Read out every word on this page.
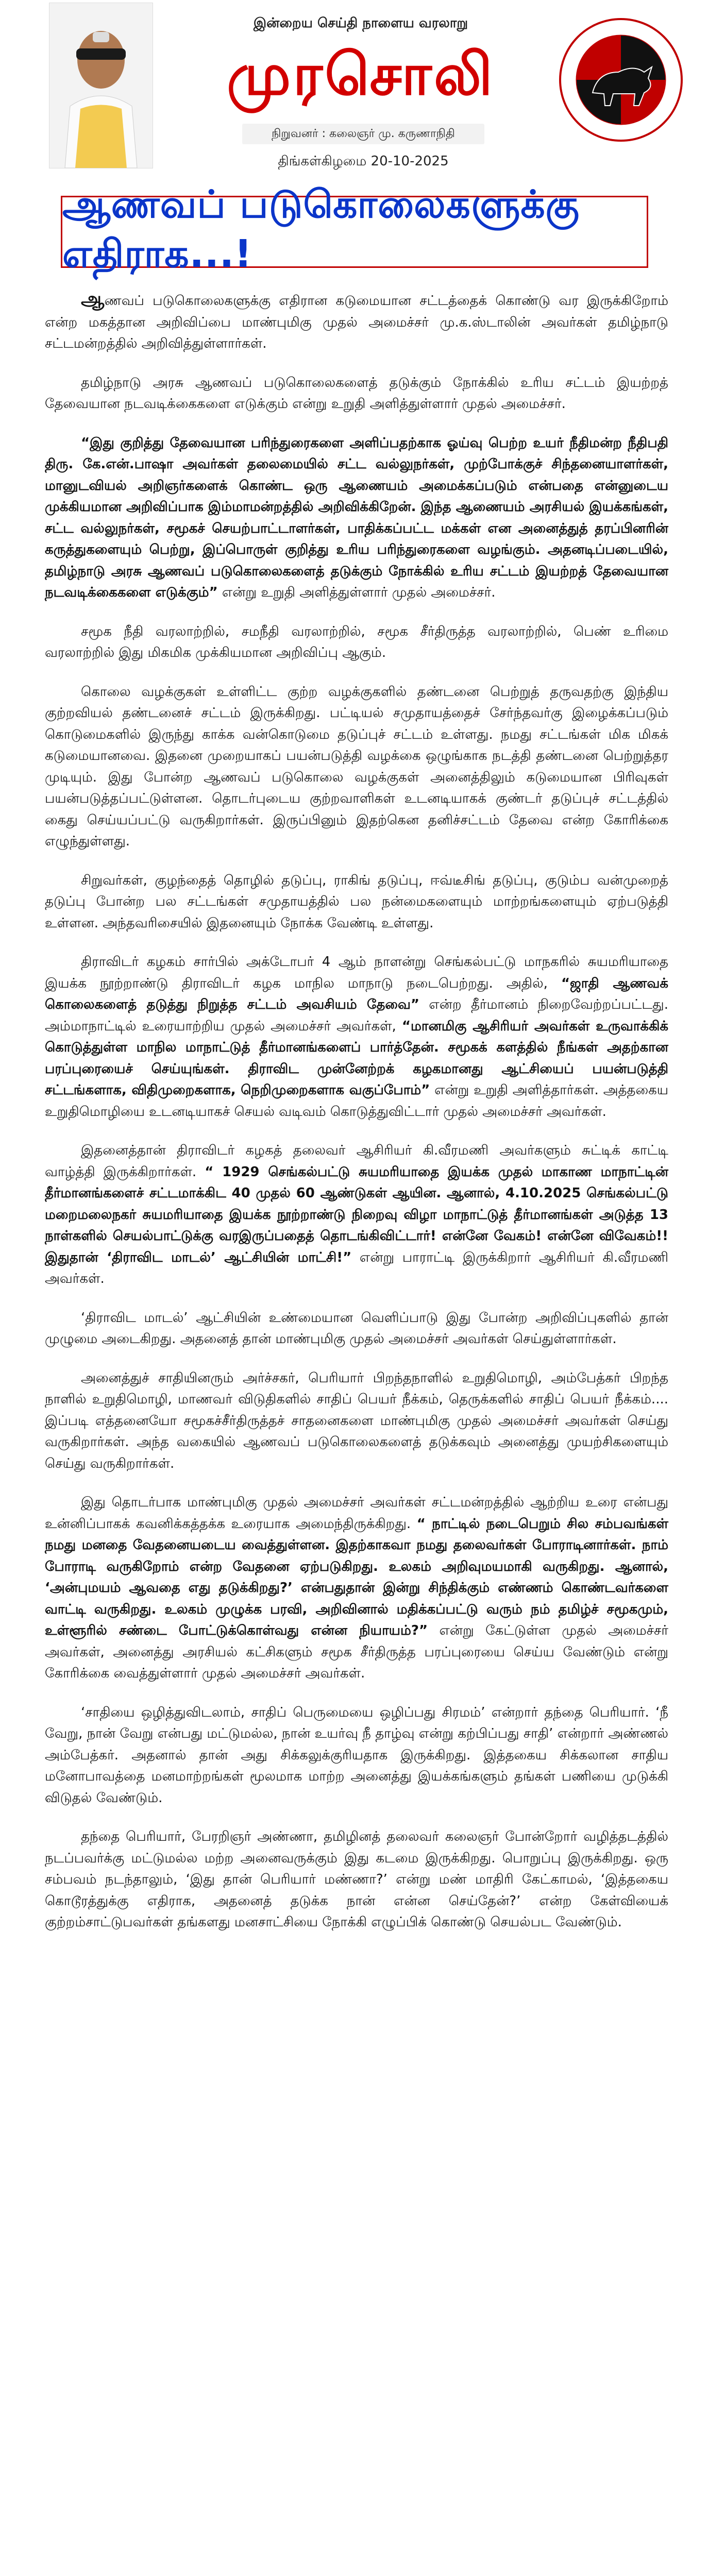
இன்றைய செய்தி நாளைய வரலாறு
முரசொலி
நிறுவனர் : கலைஞர் மு. கருணாநிதி
திங்கள்கிழமை 20-10-2025
ஆணவப் படுகொலைகளுக்கு எதிராக...!

ஆணவப் படுகொலைகளுக்கு எதிரான கடுமையான சட்டத்தைக் கொண்டு வர இருக்கிறோம் என்ற மகத்தான அறிவிப்பை மாண்புமிகு முதல் அமைச்சர் மு.க.ஸ்டாலின் அவர்கள் தமிழ்நாடு சட்டமன்றத்தில் அறிவித்துள்ளார்கள்.

தமிழ்நாடு அரசு ஆணவப் படுகொலைகளைத் தடுக்கும் நோக்கில் உரிய சட்டம் இயற்றத் தேவையான நடவடிக்கைகளை எடுக்கும் என்று உறுதி அளித்துள்ளார் முதல் அமைச்சர்.

“இது குறித்து தேவையான பரிந்துரைகளை அளிப்பதற்காக ஓய்வு பெற்ற உயர் நீதிமன்ற நீதிபதி திரு. கே.என்.பாஷா அவர்கள் தலைமையில் சட்ட வல்லுநர்கள், முற்போக்குச் சிந்தனையாளர்கள், மானுடவியல் அறிஞர்களைக் கொண்ட ஒரு ஆணையம் அமைக்கப்படும் என்பதை என்னுடைய முக்கியமான அறிவிப்பாக இம்மாமன்றத்தில் அறிவிக்கிறேன். இந்த ஆணையம் அரசியல் இயக்கங்கள், சட்ட வல்லுநர்கள், சமூகச் செயற்பாட்டாளர்கள், பாதிக்கப்பட்ட மக்கள் என அனைத்துத் தரப்பினரின் கருத்துகளையும் பெற்று, இப்பொருள் குறித்து உரிய பரிந்துரைகளை வழங்கும். அதனடிப்படையில், தமிழ்நாடு அரசு ஆணவப் படுகொலைகளைத் தடுக்கும் நோக்கில் உரிய சட்டம் இயற்றத் தேவையான நடவடிக்கைகளை எடுக்கும்” என்று உறுதி அளித்துள்ளார் முதல் அமைச்சர்.

சமூக நீதி வரலாற்றில், சமநீதி வரலாற்றில், சமூக சீர்திருத்த வரலாற்றில், பெண் உரிமை வரலாற்றில் இது மிகமிக முக்கியமான அறிவிப்பு ஆகும்.

கொலை வழக்குகள் உள்ளிட்ட குற்ற வழக்குகளில் தண்டனை பெற்றுத் தருவதற்கு இந்திய குற்றவியல் தண்டனைச் சட்டம் இருக்கிறது. பட்டியல் சமுதாயத்தைச் சேர்ந்தவர்கு இழைக்கப்படும் கொடுமைகளில் இருந்து காக்க வன்கொடுமை தடுப்புச் சட்டம் உள்ளது. நமது சட்டங்கள் மிக மிகக் கடுமையானவை. இதனை முறையாகப் பயன்படுத்தி வழக்கை ஒழுங்காக நடத்தி தண்டனை பெற்றுத்தர முடியும். இது போன்ற ஆணவப் படுகொலை வழக்குகள் அனைத்திலும் கடுமையான பிரிவுகள் பயன்படுத்தப்பட்டுள்ளன. தொடர்புடைய குற்றவாளிகள் உடனடியாகக் குண்டர் தடுப்புச் சட்டத்தில் கைது செய்யப்பட்டு வருகிறார்கள். இருப்பினும் இதற்கென தனிச்சட்டம் தேவை என்ற கோரிக்கை எழுந்துள்ளது.

சிறுவர்கள், குழந்தைத் தொழில் தடுப்பு, ராகிங் தடுப்பு, ஈவ்டீசிங் தடுப்பு, குடும்ப வன்முறைத் தடுப்பு போன்ற பல சட்டங்கள் சமுதாயத்தில் பல நன்மைகளையும் மாற்றங்களையும் ஏற்படுத்தி உள்ளன. அந்தவரிசையில் இதனையும் நோக்க வேண்டி உள்ளது.

திராவிடர் கழகம் சார்பில் அக்டோபர் 4 ஆம் நாளன்று செங்கல்பட்டு மாநகரில் சுயமரியாதை இயக்க நூற்றாண்டு திராவிடர் கழக மாநில மாநாடு நடைபெற்றது. அதில், “ஜாதி ஆணவக் கொலைகளைத் தடுத்து நிறுத்த சட்டம் அவசியம் தேவை” என்ற தீர்மானம் நிறைவேற்றப்பட்டது. அம்மாநாட்டில் உரையாற்றிய முதல் அமைச்சர் அவர்கள், “மானமிகு ஆசிரியர் அவர்கள் உருவாக்கிக் கொடுத்துள்ள மாநில மாநாட்டுத் தீர்மானங்களைப் பார்த்தேன். சமூகக் களத்தில் நீங்கள் அதற்கான பரப்புரையைச் செய்யுங்கள். திராவிட முன்னேற்றக் கழகமானது ஆட்சியைப் பயன்படுத்தி சட்டங்களாக, விதிமுறைகளாக, நெறிமுறைகளாக வகுப்போம்” என்று உறுதி அளித்தார்கள். அத்தகைய உறுதிமொழியை உடனடியாகச் செயல் வடிவம் கொடுத்துவிட்டார் முதல் அமைச்சர் அவர்கள்.

இதனைத்தான் திராவிடர் கழகத் தலைவர் ஆசிரியர் கி.வீரமணி அவர்களும் சுட்டிக் காட்டி வாழ்த்தி இருக்கிறார்கள். “ 1929 செங்கல்பட்டு சுயமரியாதை இயக்க முதல் மாகாண மாநாட்டின் தீர்மானங்களைச் சட்டமாக்கிட 40 முதல் 60 ஆண்டுகள் ஆயின. ஆனால், 4.10.2025 செங்கல்பட்டு மறைமலைநகர் சுயமரியாதை இயக்க நூற்றாண்டு நிறைவு விழா மாநாட்டுத் தீர்மானங்கள் அடுத்த 13 நாள்களில் செயல்பாட்டுக்கு வரஇருப்பதைத் தொடங்கிவிட்டார்! என்னே வேகம்! என்னே விவேகம்!!இதுதான் ‘திராவிட மாடல்’ ஆட்சியின் மாட்சி!” என்று பாராட்டி இருக்கிறார் ஆசிரியர் கி.வீரமணி அவர்கள்.

‘திராவிட மாடல்’ ஆட்சியின் உண்மையான வெளிப்பாடு இது போன்ற அறிவிப்புகளில் தான் முழுமை அடைகிறது. அதனைத் தான் மாண்புமிகு முதல் அமைச்சர் அவர்கள் செய்துள்ளார்கள்.

அனைத்துச் சாதியினரும் அர்ச்சகர், பெரியார் பிறந்தநாளில் உறுதிமொழி, அம்பேத்கர் பிறந்த நாளில் உறுதிமொழி, மாணவர் விடுதிகளில் சாதிப் பெயர் நீக்கம், தெருக்களில் சாதிப் பெயர் நீக்கம்.... இப்படி எத்தனையோ சமூகச்சீர்திருத்தச் சாதனைகளை மாண்புமிகு முதல் அமைச்சர் அவர்கள் செய்து வருகிறார்கள். அந்த வகையில் ஆணவப் படுகொலைகளைத் தடுக்கவும் அனைத்து முயற்சிகளையும் செய்து வருகிறார்கள்.

இது தொடர்பாக மாண்புமிகு முதல் அமைச்சர் அவர்கள் சட்டமன்றத்தில் ஆற்றிய உரை என்பது உன்னிப்பாகக் கவனிக்கத்தக்க உரையாக அமைந்திருக்கிறது. “ நாட்டில் நடைபெறும் சில சம்பவங்கள் நமது மனதை வேதனையடைய வைத்துள்ளன. இதற்காகவா நமது தலைவர்கள் போராடினார்கள். நாம் போராடி வருகிறோம் என்ற வேதனை ஏற்படுகிறது. உலகம் அறிவுமயமாகி வருகிறது. ஆனால், ‘அன்புமயம் ஆவதை எது தடுக்கிறது?’ என்பதுதான் இன்று சிந்திக்கும் எண்ணம் கொண்டவர்களை வாட்டி வருகிறது. உலகம் முழுக்க பரவி, அறிவினால் மதிக்கப்பட்டு வரும் நம் தமிழ்ச் சமூகமும், உள்ளூரில் சண்டை போட்டுக்கொள்வது என்ன நியாயம்?” என்று கேட்டுள்ள முதல் அமைச்சர் அவர்கள், அனைத்து அரசியல் கட்சிகளும் சமூக சீர்திருத்த பரப்புரையை செய்ய வேண்டும் என்று கோரிக்கை வைத்துள்ளார் முதல் அமைச்சர் அவர்கள்.

‘சாதியை ஒழித்துவிடலாம், சாதிப் பெருமையை ஒழிப்பது சிரமம்’ என்றார் தந்தை பெரியார். ‘நீ வேறு, நான் வேறு என்பது மட்டுமல்ல, நான் உயர்வு நீ தாழ்வு என்று கற்பிப்பது சாதி’ என்றார் அண்ணல் அம்பேத்கர். அதனால் தான் அது சிக்கலுக்குரியதாக இருக்கிறது. இத்தகைய சிக்கலான சாதிய மனோபாவத்தை மனமாற்றங்கள் மூலமாக மாற்ற அனைத்து இயக்கங்களும் தங்கள் பணியை முடுக்கி விடுதல் வேண்டும்.

தந்தை பெரியார், பேரறிஞர் அண்ணா, தமிழினத் தலைவர் கலைஞர் போன்றோர் வழித்தடத்தில் நடப்பவர்க்கு மட்டுமல்ல மற்ற அனைவருக்கும் இது கடமை இருக்கிறது. பொறுப்பு இருக்கிறது. ஒரு சம்பவம் நடந்தாலும், ‘இது தான் பெரியார் மண்ணா?’ என்று மண் மாதிரி கேட்காமல், ‘இத்தகைய கொடூரத்துக்கு எதிராக, அதனைத் தடுக்க நான் என்ன செய்தேன்?’ என்ற கேள்வியைக் குற்றம்சாட்டுபவர்கள் தங்களது மனசாட்சியை நோக்கி எழுப்பிக் கொண்டு செயல்பட வேண்டும்.
